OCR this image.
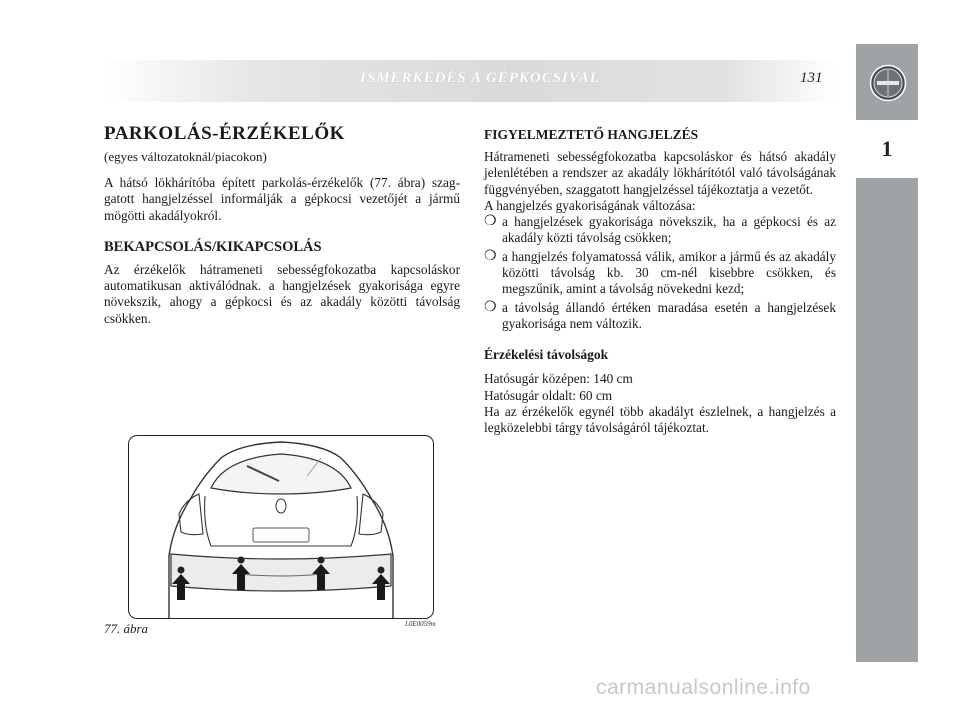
ISMERKEDÉS A GÉPKOCSIVAL	131
1
PARKOLÁS-ÉRZÉKELŐK
(egyes változatoknál/piacokon)

A hátsó lökhárítóba épített parkolás-érzékelők (77. ábra) szaggatott hangjelzéssel informálják a gépkocsi vezetőjét a jármű mögötti akadályokról.

BEKAPCSOLÁS/KIKAPCSOLÁS

Az érzékelők hátrameneti sebességfokozatba kapcsoláskor automatikusan aktiválódnak. a hangjelzések gyakorisága egyre növekszik, ahogy a gépkocsi és az akadály közötti távolság csökken.

FIGYELMEZTETŐ HANGJELZÉS

Hátrameneti sebességfokozatba kapcsoláskor és hátsó akadály jelenlétében a rendszer az akadály lökhárítótól való távolságának függvényében, szaggatott hangjelzéssel tájékoztatja a vezetőt.

A hangjelzés gyakoriságának változása:

❍ a hangjelzések gyakorisága növekszik, ha a gépkocsi és az akadály közti távolság csökken;
❍ a hangjelzés folyamatossá válik, amikor a jármű és az akadály közötti távolság kb. 30 cm-nél kisebbre csökken, és megszűnik, amint a távolság növekedni kezd;
❍ a távolság állandó értéken maradása esetén a hangjelzések gyakorisága nem változik.
Érzékelési távolságok

Hatósugár középen: 140 cm

Hatósugár oldalt: 60 cm

Ha az érzékelők egynél több akadályt észlelnek, a hangjelzés a legközelebbi tárgy távolságáról tájékoztat.

L0E0059m
77. ábra
carmanualsonline.info
